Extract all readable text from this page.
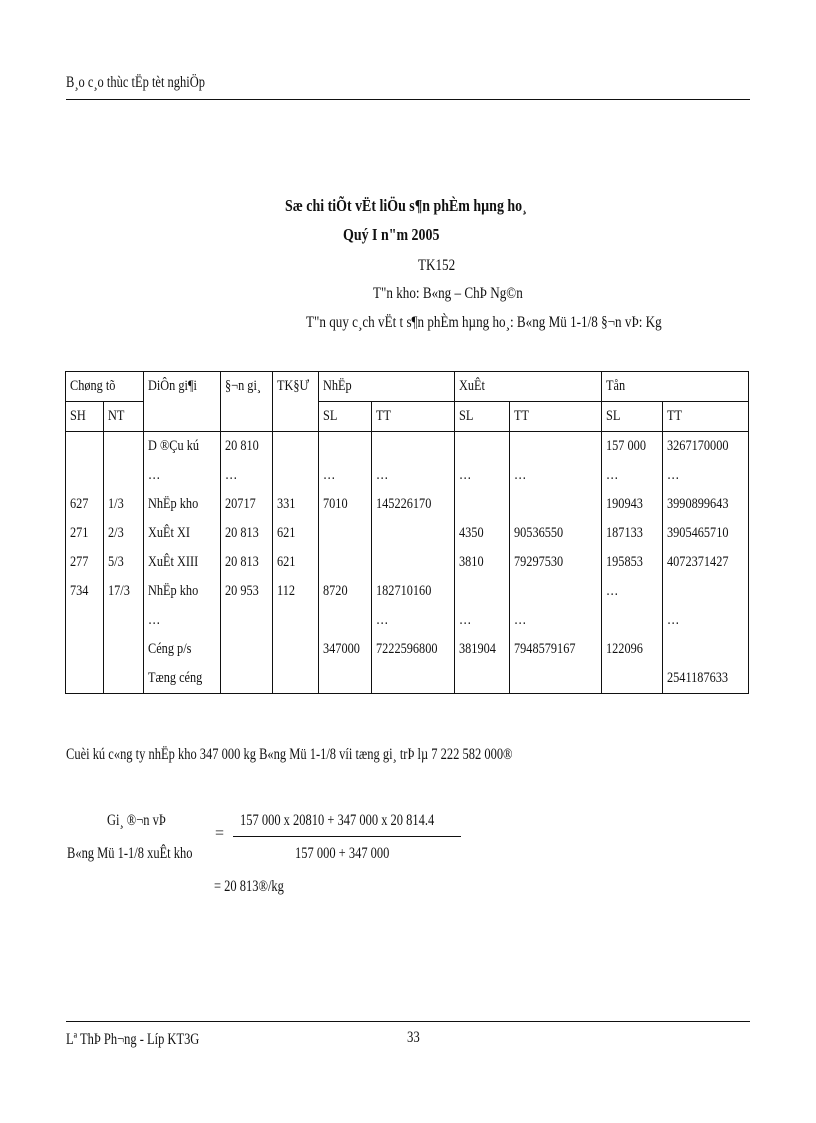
B¸o c¸o thùc tËp tèt nghiÖp
Sæ chi tiÕt vËt liÖu s¶n phÈm hµng ho¸
Quý I n"m 2005
TK152
T"n kho: B«ng – ChÞ Ng©n
T"n quy c¸ch vËt t s¶n phÈm hµng ho¸: B«ng Mü 1-1/8 §¬n vÞ: Kg
Chøng tõ		DiÔn gi¶i	§¬n gi¸	TK§Ư	NhËp		XuÊt		Tån	
SH	NT				SL	TT	SL	TT	SL	TT
		D ®Çu kú	20 810						157 000	3267170000
		…	…		…	…	…	…	…	…
627	1/3	NhËp kho	20717	331	7010	145226170			190943	3990899643
271	2/3	XuÊt XI	20 813	621			4350	90536550	187133	3905465710
277	5/3	XuÊt XIII	20 813	621			3810	79297530	195853	4072371427
734	17/3	NhËp kho	20 953	112	8720	182710160			…	
		…				…	…	…		…
		Céng p/s			347000	7222596800	381904	7948579167	122096	
		Tæng céng								2541187633
Cuèi kú c«ng ty nhËp kho 347 000 kg B«ng Mü 1-1/8 víi tæng gi¸ trÞ lµ 7 222 582 000®
Gi¸ ®¬n vÞ
B«ng Mü 1-1/8 xuÊt kho
=
157 000 x 20810 + 347 000 x 20 814.4
157 000 + 347 000
= 20 813®/kg
Lª ThÞ Ph¬ng - Líp KT3G	33
